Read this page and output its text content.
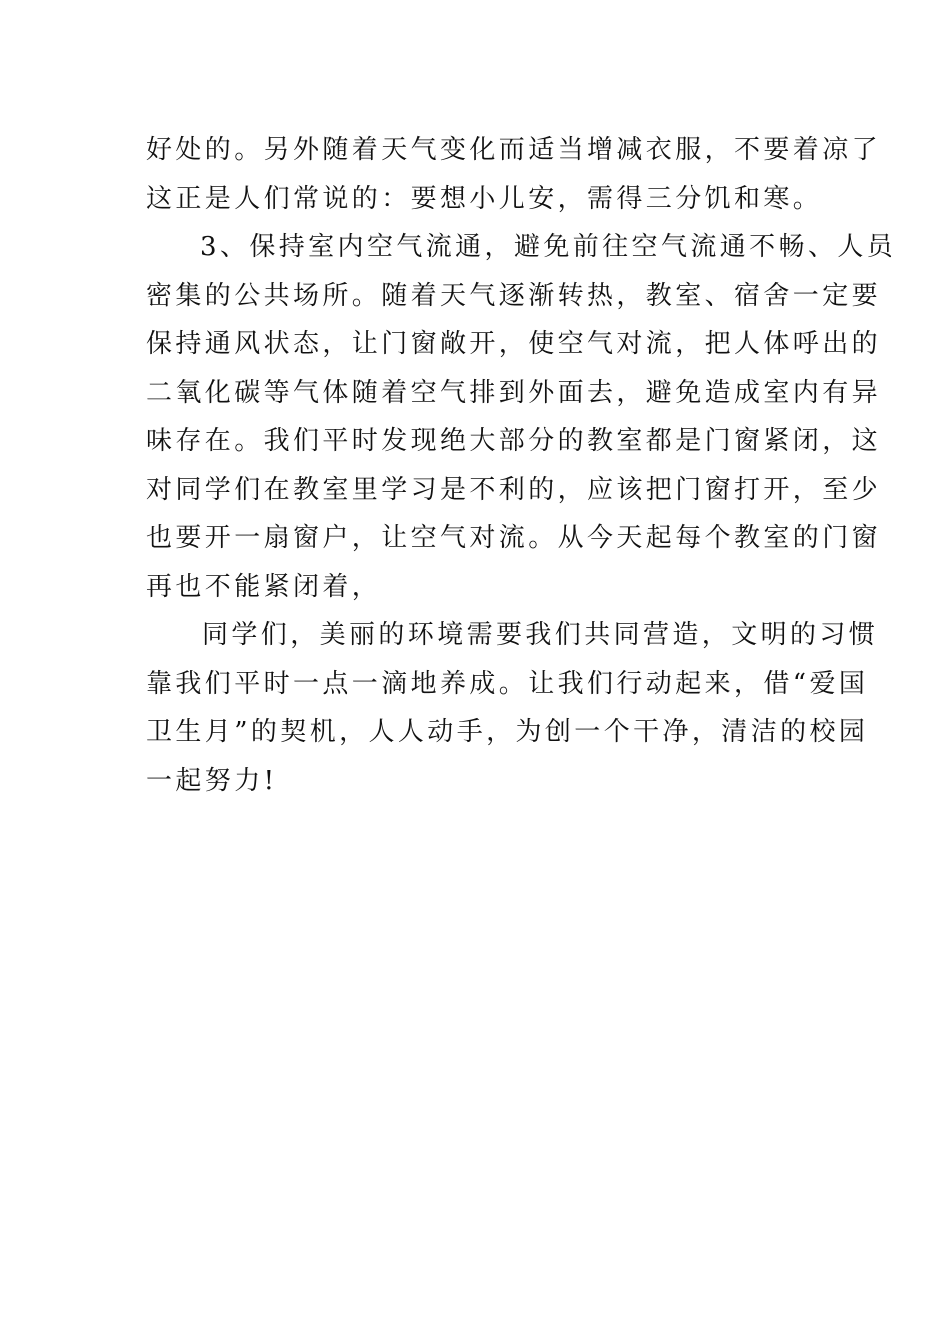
好处的。另外随着天气变化而适当增减衣服，不要着凉了
这正是人们常说的：要想小儿安，需得三分饥和寒。
3、保持室内空气流通，避免前往空气流通不畅、人员
密集的公共场所。随着天气逐渐转热，教室、宿舍一定要
保持通风状态，让门窗敞开，使空气对流，把人体呼出的
二氧化碳等气体随着空气排到外面去，避免造成室内有异
味存在。我们平时发现绝大部分的教室都是门窗紧闭，这
对同学们在教室里学习是不利的，应该把门窗打开，至少
也要开一扇窗户，让空气对流。从今天起每个教室的门窗
再也不能紧闭着，
同学们，美丽的环境需要我们共同营造，文明的习惯
靠我们平时一点一滴地养成。让我们行动起来，借“爱国
卫生月”的契机，人人动手，为创一个干净，清洁的校园
一起努力!
